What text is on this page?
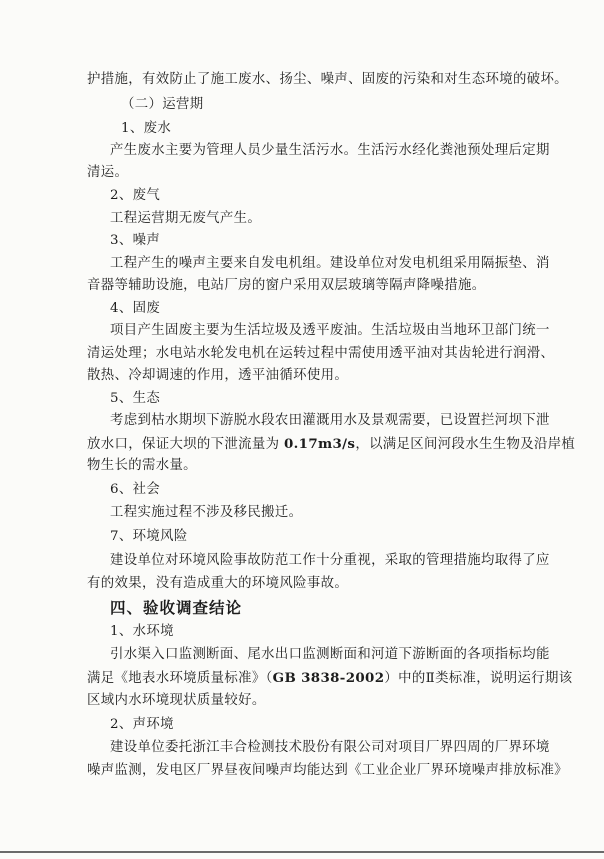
护措施，有效防止了施工废水、扬尘、噪声、固废的污染和对生态环境的破坏。
（二）运营期
1、废水
产生废水主要为管理人员少量生活污水。生活污水经化粪池预处理后定期
清运。
2、废气
工程运营期无废气产生。
3、噪声
工程产生的噪声主要来自发电机组。建设单位对发电机组采用隔振垫、消
音器等辅助设施，电站厂房的窗户采用双层玻璃等隔声降噪措施。
4、固废
项目产生固废主要为生活垃圾及透平废油。生活垃圾由当地环卫部门统一
清运处理；水电站水轮发电机在运转过程中需使用透平油对其齿轮进行润滑、
散热、冷却调速的作用，透平油循环使用。
5、生态
考虑到枯水期坝下游脱水段农田灌溉用水及景观需要，已设置拦河坝下泄
放水口，保证大坝的下泄流量为 0.17m3/s，以满足区间河段水生生物及沿岸植
物生长的需水量。
6、社会
工程实施过程不涉及移民搬迁。
7、环境风险
建设单位对环境风险事故防范工作十分重视，采取的管理措施均取得了应
有的效果，没有造成重大的环境风险事故。
四、验收调查结论
1、水环境
引水渠入口监测断面、尾水出口监测断面和河道下游断面的各项指标均能
满足《地表水环境质量标准》（GB 3838-2002）中的Ⅱ类标准，说明运行期该
区域内水环境现状质量较好。
2、声环境
建设单位委托浙江丰合检测技术股份有限公司对项目厂界四周的厂界环境
噪声监测，发电区厂界昼夜间噪声均能达到《工业企业厂界环境噪声排放标准》
